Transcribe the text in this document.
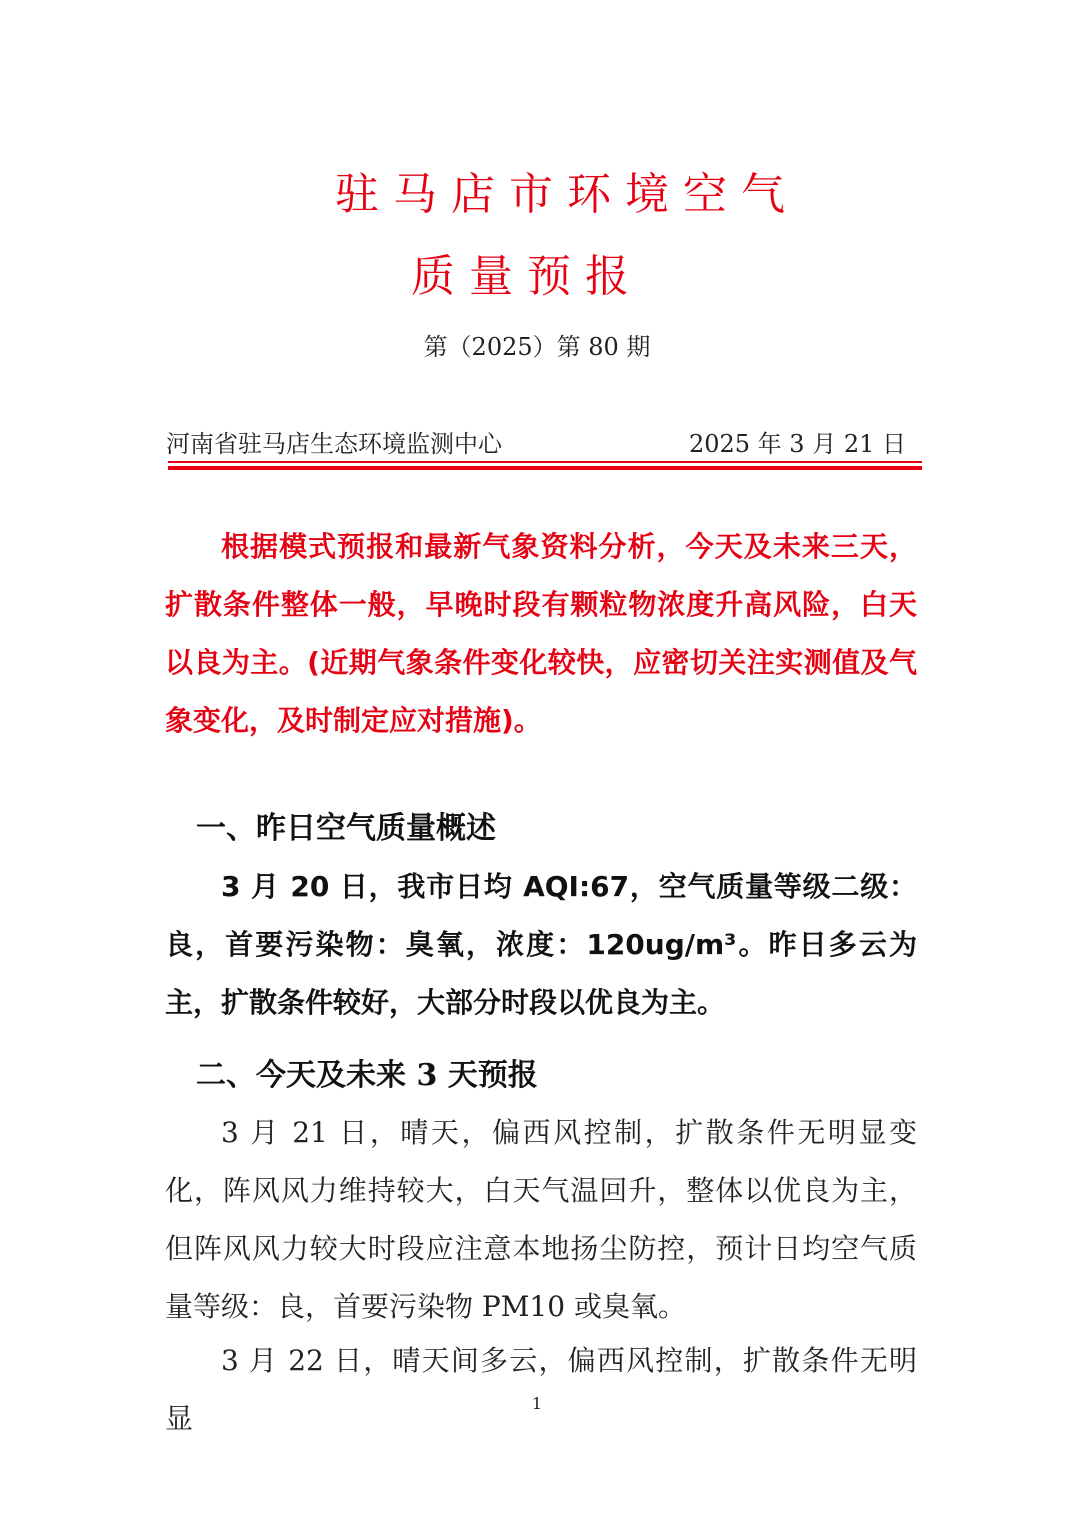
驻马店市环境空气
质量预报
第（2025）第 80 期
河南省驻马店生态环境监测中心	2025 年 3 月 21 日

根据模式预报和最新气象资料分析，今天及未来三天，扩散条件整体一般，早晚时段有颗粒物浓度升高风险，白天以良为主。(近期气象条件变化较快，应密切关注实测值及气象变化，及时制定应对措施)。

一、昨日空气质量概述

3 月 20 日，我市日均 AQI:67，空气质量等级二级：良，首要污染物：臭氧，浓度：120ug/m³。昨日多云为主，扩散条件较好，大部分时段以优良为主。

二、今天及未来 3 天预报

3 月 21 日，晴天，偏西风控制，扩散条件无明显变化，阵风风力维持较大，白天气温回升，整体以优良为主，但阵风风力较大时段应注意本地扬尘防控，预计日均空气质量等级：良，首要污染物 PM10 或臭氧。

3 月 22 日，晴天间多云，偏西风控制，扩散条件无明显	1
